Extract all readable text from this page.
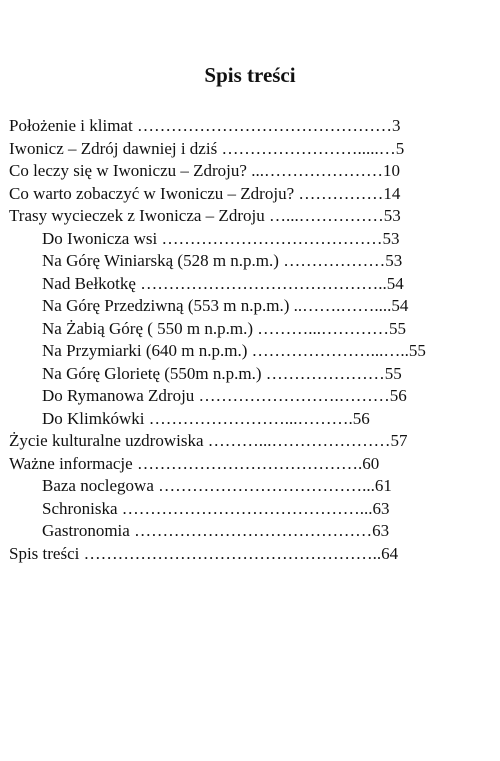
Spis treści
Położenie i klimat ………………………………………3
Iwonicz – Zdrój dawniej i dziś …………………….....…5
Co leczy się w Iwoniczu – Zdroju? ...…………………10
Co warto zobaczyć w Iwoniczu – Zdroju? ……………14
Trasy wycieczek z Iwonicza – Zdroju …...……………53
Do Iwonicza wsi …………………………………53
Na Górę Winiarską (528 m n.p.m.) ………………53
Nad Bełkotkę ……………………………………..54
Na Górę Przedziwną (553 m n.p.m.) ..…….……....54
Na Żabią Górę ( 550 m n.p.m.) ………...…………55
Na Przymiarki (640 m n.p.m.) …………………...…..55
Na Górę Glorietę (550m n.p.m.) …………………55
Do Rymanowa Zdroju …………………….………56
Do Klimkówki ……………………...……….56
Życie kulturalne uzdrowiska ………...…………………57
Ważne informacje ………………………………….60
Baza noclegowa ………………………………...61
Schroniska ……………………………………...63
Gastronomia ……………………………………63
Spis treści ……………………………………………..64
